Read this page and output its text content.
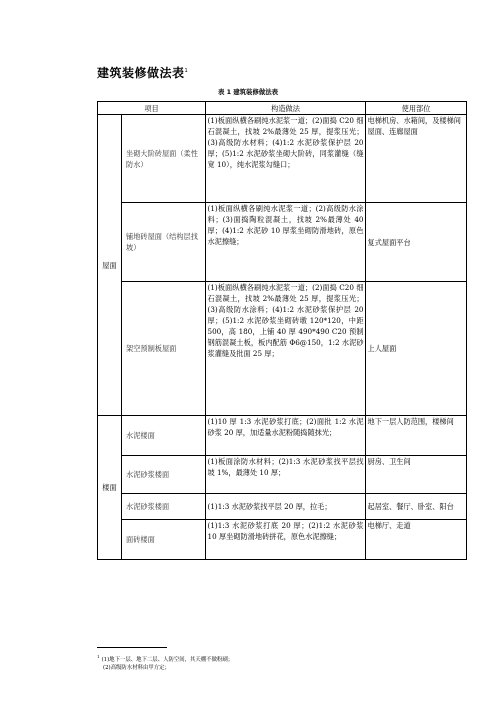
建筑装修做法表$^1$
表 1 建筑装修做法表
项目		构造做法	使用部位
屋面	坐砌大阶砖屋面（柔性防水）	(1)板面纵横各刷纯水泥浆一道；(2)面捣 C20 细石混凝土，找坡 2%最薄处 25 厚，提浆压光；(3)高级防水材料；(4)1:2 水泥砂浆保护层 20 厚；(5)1:2 水泥砂浆坐砌大阶砖，同浆灌缝（缝宽 10），纯水泥浆勾缝口；	电梯机房、水箱间，及楼梯间屋面、连廊屋面
	铺地砖屋面（结构层找坡）	(1)板面纵横各刷纯水泥浆一道；(2)高级防水涂料；(3)面捣陶粒混凝土，找坡 2%最薄处 40 厚；(4)1:2 水泥砂 10 厚浆坐砌防滑地砖，原色水泥擦缝；	复式屋面平台
	架空预制板屋面	(1)板面纵横各刷纯水泥浆一道；(2)面捣 C20 细石混凝土，找坡 2%最薄处 25 厚，提浆压光；(3)高级防水涂料；(4)1:2 水泥砂浆保护层 20 厚；(5)1:2 水泥砂浆坐砌砖墩 120*120，中距 500，高 180，上铺 40 厚 490*490 C20 预制钢筋混凝土板，板内配筋 Φ6@150，1:2 水泥砂浆灌缝及批面 25 厚；	上人屋面
楼面	水泥楼面	(1)10 厚 1:3 水泥砂浆打底；(2)面批 1:2 水泥砂浆 20 厚，加适量水泥粉随捣随抹光；	地下一层人防范围，楼梯间
	水泥砂浆楼面	(1)板面涂防水材料；(2)1:3 水泥砂浆找平层找坡 1%，最薄处 10 厚；	厨房、卫生间
	水泥砂浆楼面	(1)1:3 水泥砂浆找平层 20 厚，拉毛；	起居室、餐厅、卧室、阳台
	面砖楼面	(1)1:3 水泥砂浆打底 20 厚；(2)1:2 水泥砂浆 10 厚坐砌防滑地砖拼花，原色水泥擦缝；	电梯厅、走道
$^1$(1)地下一层、地下二层、人防空间，其天棚不做粉刷；
(2)高级防水材料由甲方定；
